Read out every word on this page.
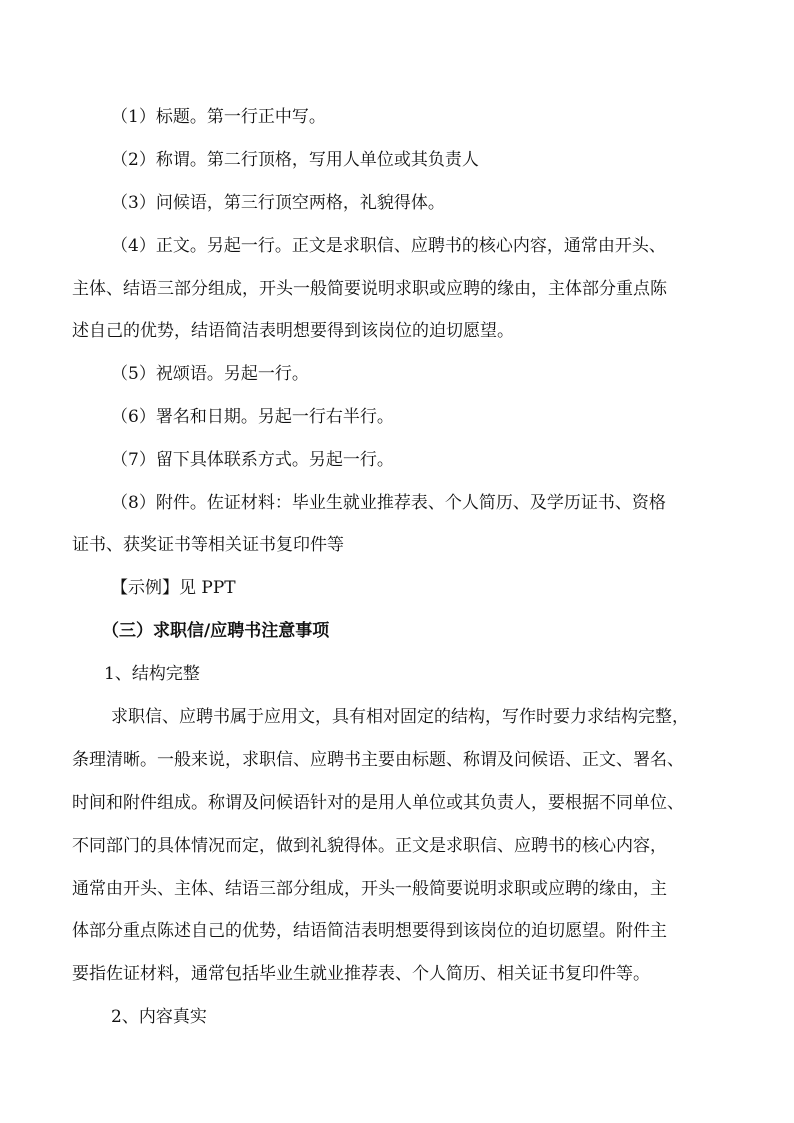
（1）标题。第一行正中写。
（2）称谓。第二行顶格，写用人单位或其负责人
（3）问候语，第三行顶空两格，礼貌得体。
（4）正文。另起一行。正文是求职信、应聘书的核心内容，通常由开头、
主体、结语三部分组成，开头一般简要说明求职或应聘的缘由，主体部分重点陈
述自己的优势，结语简洁表明想要得到该岗位的迫切愿望。
（5）祝颂语。另起一行。
（6）署名和日期。另起一行右半行。
（7）留下具体联系方式。另起一行。
（8）附件。佐证材料：毕业生就业推荐表、个人简历、及学历证书、资格
证书、获奖证书等相关证书复印件等
【示例】见 PPT
（三）求职信/应聘书注意事项
1、结构完整
求职信、应聘书属于应用文，具有相对固定的结构，写作时要力求结构完整，
条理清晰。一般来说，求职信、应聘书主要由标题、称谓及问候语、正文、署名、
时间和附件组成。称谓及问候语针对的是用人单位或其负责人，要根据不同单位、
不同部门的具体情况而定，做到礼貌得体。正文是求职信、应聘书的核心内容，
通常由开头、主体、结语三部分组成，开头一般简要说明求职或应聘的缘由，主
体部分重点陈述自己的优势，结语简洁表明想要得到该岗位的迫切愿望。附件主
要指佐证材料，通常包括毕业生就业推荐表、个人简历、相关证书复印件等。
2、内容真实
